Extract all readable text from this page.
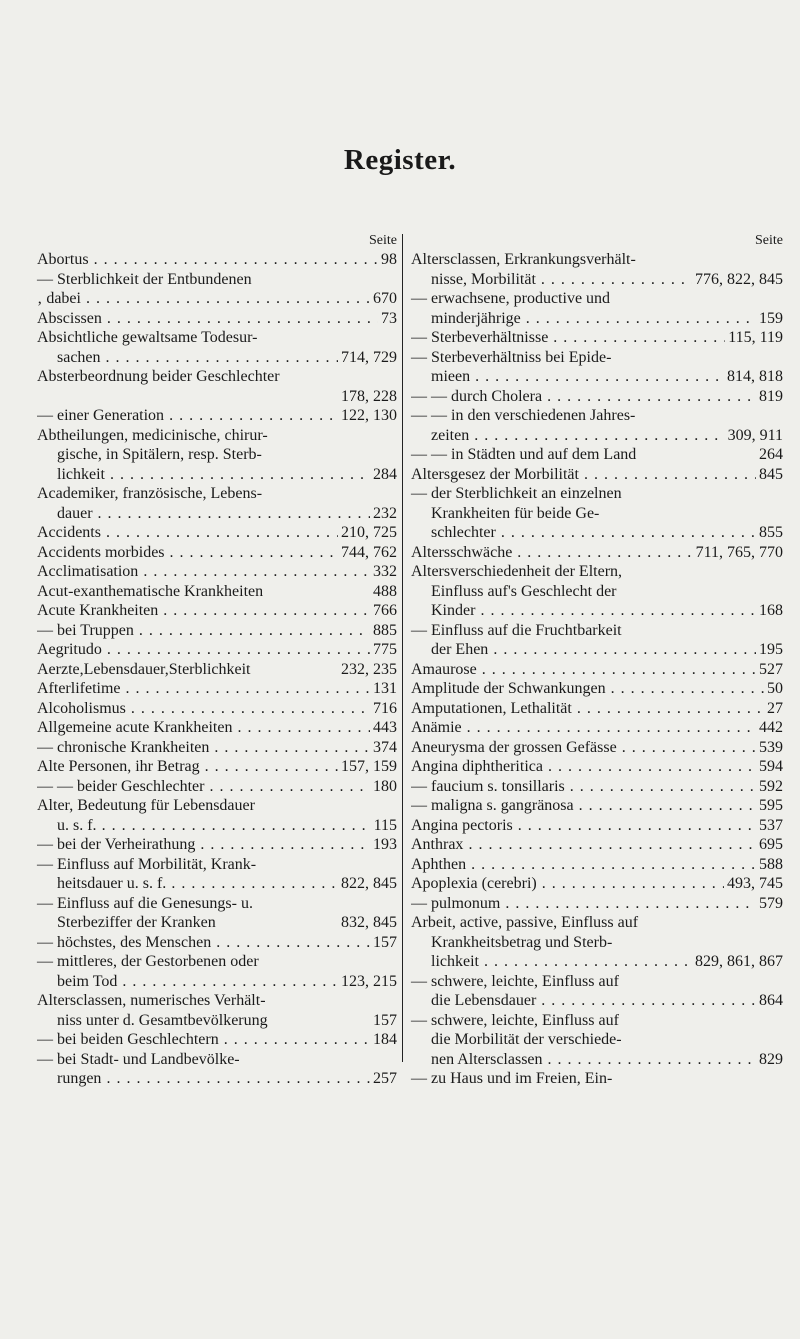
Register.
Seite
Abortus . . .	98
— Sterblichkeit der Entbundenen
‚ dabei . . .	670
Abscissen . . .	73
Absichtliche gewaltsame Todesur-
sachen . . .	714, 729
Absterbeordnung beider Geschlechter
178, 228
— einer Generation . . .	122, 130
Abtheilungen, medicinische, chirur-
gische, in Spitälern, resp. Sterb-
lichkeit . . .	284
Academiker, französische, Lebens-
dauer . . .	232
Accidents . . .	210, 725
Accidents morbides . . .	744, 762
Acclimatisation . . .	332
Acut-exanthematische Krankheiten	488
Acute Krankheiten . . .	766
— bei Truppen . . .	885
Aegritudo . . .	775
Aerzte,Lebensdauer,Sterblichkeit	232, 235
Afterlifetime . . .	131
Alcoholismus . . .	716
Allgemeine acute Krankheiten . . .	443
— chronische Krankheiten . . .	374
Alte Personen, ihr Betrag . . .	157, 159
— — beider Geschlechter . . .	180
Alter, Bedeutung für Lebensdauer
u. s. f. . . .	115
— bei der Verheirathung . . .	193
— Einfluss auf Morbilität, Krank-
heitsdauer u. s. f. . . .	822, 845
— Einfluss auf die Genesungs- u.
Sterbeziffer der Kranken	832, 845
— höchstes, des Menschen . . .	157
— mittleres, der Gestorbenen oder
beim Tod . . .	123, 215
Altersclassen, numerisches Verhält-
niss unter d. Gesamtbevölkerung	157
— bei beiden Geschlechtern . . .	184
— bei Stadt- und Landbevölke-
rungen . . .	257
Seite
Altersclassen, Erkrankungsverhält-
nisse, Morbilität . . .	776, 822, 845
— erwachsene, productive und
minderjährige . . .	159
— Sterbeverhältnisse . . .	115, 119
— Sterbeverhältniss bei Epide-
mieen . . .	814, 818
— — durch Cholera . . .	819
— — in den verschiedenen Jahres-
zeiten . . .	309, 911
— — in Städten und auf dem Land	264
Altersgesez der Morbilität . . .	845
— der Sterblichkeit an einzelnen
Krankheiten für beide Ge-
schlechter . . .	855
Altersschwäche . . .	711, 765, 770
Altersverschiedenheit der Eltern,
Einfluss auf's Geschlecht der
Kinder . . .	168
— Einfluss auf die Fruchtbarkeit
der Ehen . . .	195
Amaurose . . .	527
Amplitude der Schwankungen . . .	50
Amputationen, Lethalität . . .	27
Anämie . . .	442
Aneurysma der grossen Gefässe . . .	539
Angina diphtheritica . . .	594
— faucium s. tonsillaris . . .	592
— maligna s. gangränosa . . .	595
Angina pectoris . . .	537
Anthrax . . .	695
Aphthen . . .	588
Apoplexia (cerebri) . . .	493, 745
— pulmonum . . .	579
Arbeit, active, passive, Einfluss auf
Krankheitsbetrag und Sterb-
lichkeit . . .	829, 861, 867
— schwere, leichte, Einfluss auf
die Lebensdauer . . .	864
— schwere, leichte, Einfluss auf
die Morbilität der verschiede-
nen Altersclassen . . .	829
— zu Haus und im Freien, Ein-
